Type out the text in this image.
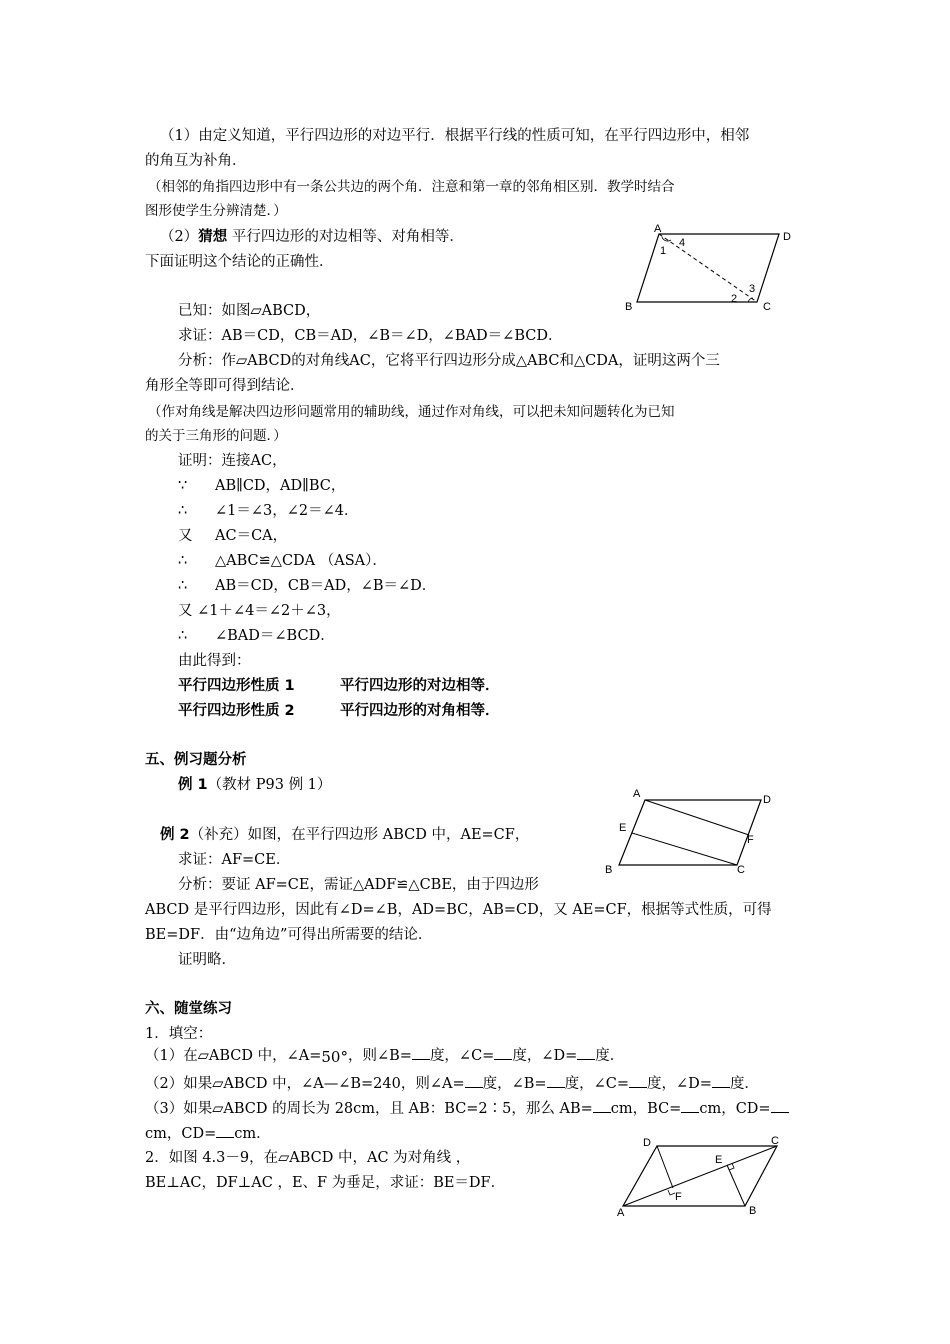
（1）由定义知道，平行四边形的对边平行．根据平行线的性质可知，在平行四边形中，相邻
的角互为补角．
（相邻的角指四边形中有一条公共边的两个角．注意和第一章的邻角相区别．教学时结合
图形使学生分辨清楚．）
（2）猜想 平行四边形的对边相等、对角相等．
下面证明这个结论的正确性．
A
D
B	C
1
4
3
2
已知：如图▱ABCD，
求证：AB＝CD，CB＝AD，∠B＝∠D，∠BAD＝∠BCD．
分析：作▱ABCD的对角线AC，它将平行四边形分成△ABC和△CDA，证明这两个三
角形全等即可得到结论．
（作对角线是解决四边形问题常用的辅助线，通过作对角线，可以把未知问题转化为已知
的关于三角形的问题．）
证明：连接AC，
∵ AB∥CD，AD∥BC，
∴ ∠1＝∠3，∠2＝∠4．
又 AC＝CA，
∴ △ABC≌△CDA （ASA）．
∴ AB＝CD，CB＝AD，∠B＝∠D．
又 ∠1＋∠4＝∠2＋∠3，
∴ ∠BAD＝∠BCD．
由此得到：
平行四边形性质 1	平行四边形的对边相等．
平行四边形性质 2	平行四边形的对角相等．
五、例习题分析
例 1（教材 P93 例 1）
A	D
E
F
B	C
例 2（补充）如图，在平行四边形 ABCD 中，AE=CF，
求证：AF=CE．
分析：要证 AF=CE，需证△ADF≌△CBE，由于四边形
ABCD 是平行四边形，因此有∠D=∠B，AD=BC，AB=CD，又 AE=CF，根据等式性质，可得
BE=DF．由“边角边”可得出所需要的结论．
证明略．
六、随堂练习
1．填空：
（1）在▱ABCD 中，∠A=50°，则∠B= 度，∠C= 度，∠D= 度．
（2）如果▱ABCD 中，∠A—∠B=240，则∠A= 度，∠B= 度，∠C= 度，∠D= 度．
（3）如果▱ABCD 的周长为 28cm，且 AB：BC=2∶5，那么 AB= cm，BC= cm，CD=
cm，CD= cm．
2．如图 4.3－9，在▱ABCD 中，AC 为对角线 ，
BE⊥AC，DF⊥AC ，E、F 为垂足，求证：BE＝DF．
D	C
E
F
A	B
